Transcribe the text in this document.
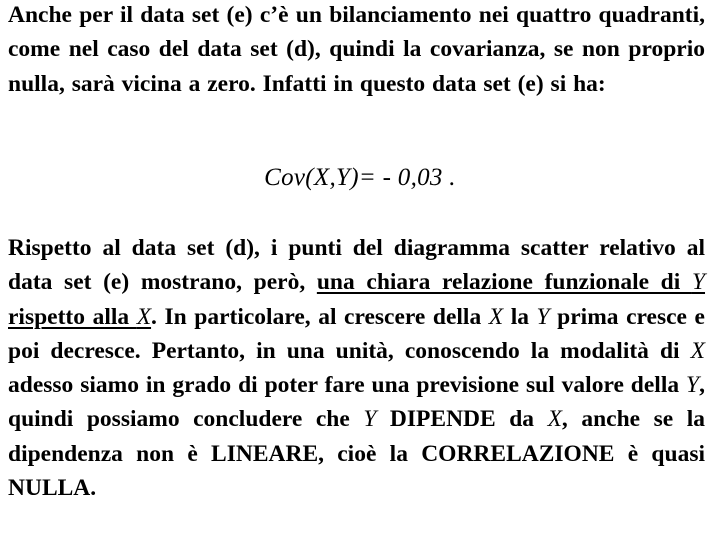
Anche per il data set (e) c’è un bilanciamento nei quattro quadranti, come nel caso del data set (d), quindi la covarianza, se non proprio nulla, sarà vicina a zero. Infatti in questo data set (e) si ha:

Cov(X,Y)= - 0,03 .

Rispetto al data set (d), i punti del diagramma scatter relativo al data set (e) mostrano, però, una chiara relazione funzionale di Y rispetto alla X. In particolare, al crescere della X la Y prima cresce e poi decresce. Pertanto, in una unità, conoscendo la modalità di X adesso siamo in grado di poter fare una previsione sul valore della Y, quindi possiamo concludere che Y DIPENDE da X, anche se la dipendenza non è LINEARE, cioè la CORRELAZIONE è quasi NULLA.
